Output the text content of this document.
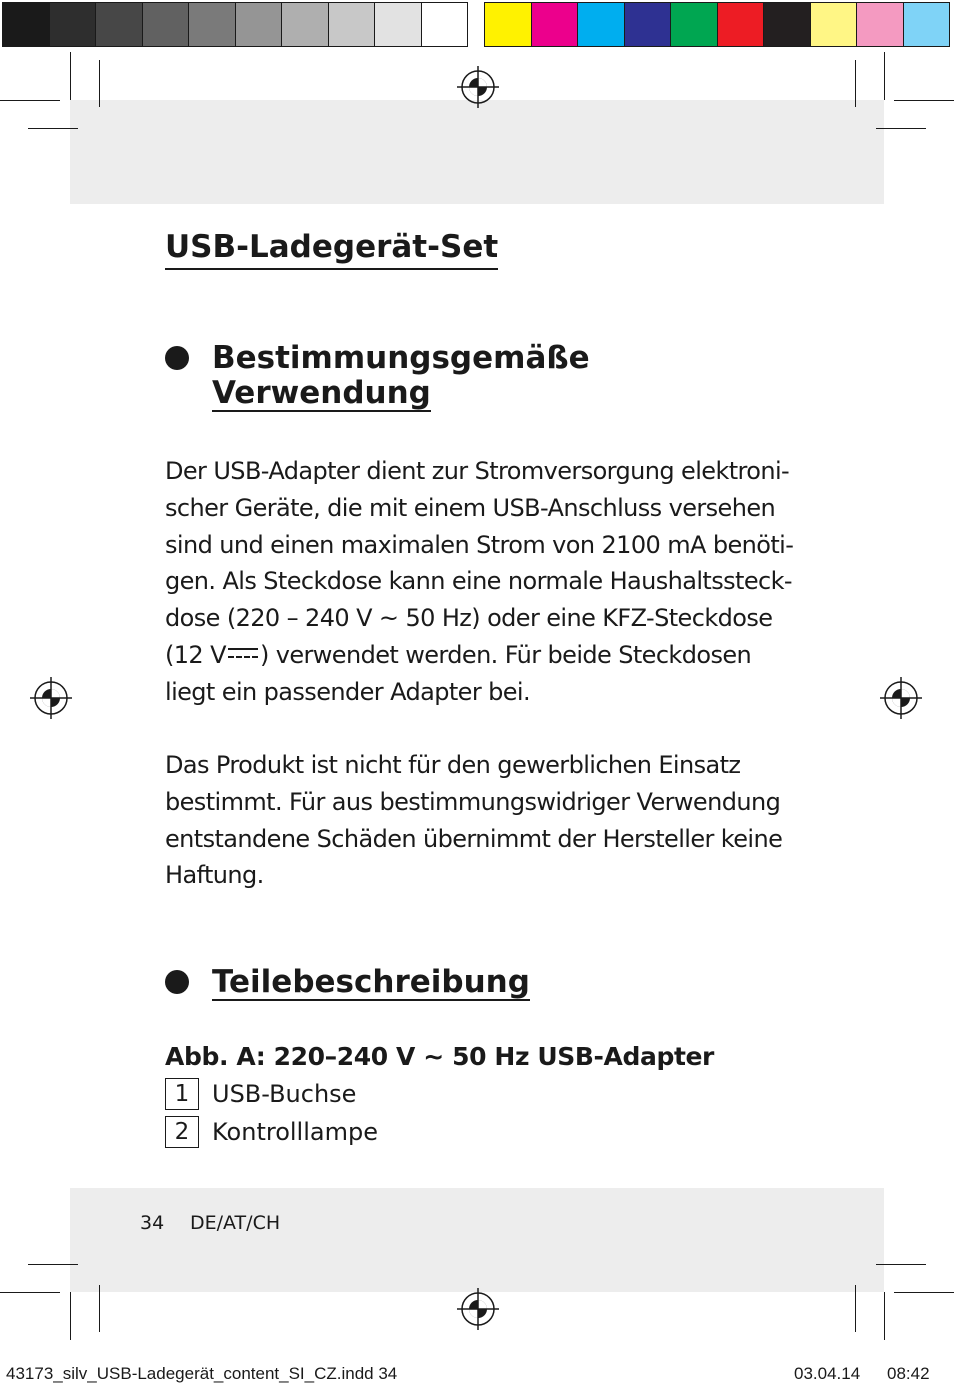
USB-Ladegerät-Set
Bestimmungsgemäße
Verwendung
Der USB-Adapter dient zur Stromversorgung elektroni-
scher Geräte, die mit einem USB-Anschluss versehen
sind und einen maximalen Strom von 2100 mA benöti-
gen. Als Steckdose kann eine normale Haushaltssteck-
dose (220 – 240 V ~ 50 Hz) oder eine KFZ-Steckdose
(12 V ) verwendet werden. Für beide Steckdosen
liegt ein passender Adapter bei.
Das Produkt ist nicht für den gewerblichen Einsatz
bestimmt. Für aus bestimmungswidriger Verwendung
entstandene Schäden übernimmt der Hersteller keine
Haftung.
Teilebeschreibung

Abb. A: 220–240 V ~ 50 Hz USB-Adapter

1 USB-Buchse
2 Kontrolllampe
34 DE/AT/CH
43173_silv_USB-Ladegerät_content_SI_CZ.indd 34	03.04.14 08:42
